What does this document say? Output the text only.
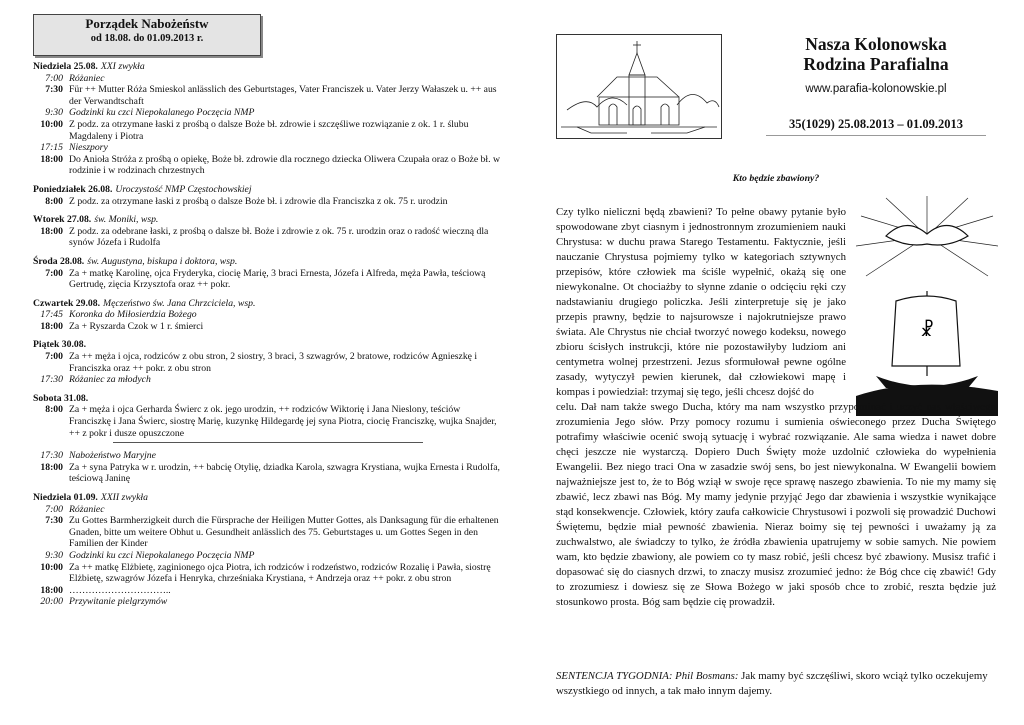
Porządek Nabożeństw
od 18.08. do 01.09.2013 r.
Niedziela 25.08. XXI zwykła
7:00 Różaniec
7:30 Für ++ Mutter Róża Smieskol anlässlich des Geburtstages, Vater Franciszek u. Vater Jerzy Wałaszek u. ++ aus der Verwandtschaft
9:30 Godzinki ku czci Niepokalanego Poczęcia NMP
10:00 Z podz. za otrzymane łaski z prośbą o dalsze Boże bł. zdrowie i szczęśliwe rozwiązanie z ok. 1 r. ślubu Magdaleny i Piotra
17:15 Nieszpory
18:00 Do Anioła Stróża z prośbą o opiekę, Boże bł. zdrowie dla rocznego dziecka Oliwera Czupała oraz o Boże bł. w rodzinie i w rodzinach chrzestnych
Poniedziałek 26.08. Uroczystość NMP Częstochowskiej
8:00 Z podz. za otrzymane łaski z prośbą o dalsze Boże bł. i zdrowie dla Franciszka z ok. 75 r. urodzin
Wtorek 27.08. św. Moniki, wsp.
18:00 Z podz. za odebrane łaski, z prośbą o dalsze bł. Boże i zdrowie z ok. 75 r. urodzin oraz o radość wieczną dla synów Józefa i Rudolfa
Środa 28.08. św. Augustyna, biskupa i doktora, wsp.
7:00 Za + matkę Karolinę, ojca Fryderyka, ciocię Marię, 3 braci Ernesta, Józefa i Alfreda, męża Pawła, teściową Gertrudę, zięcia Krzysztofa oraz ++ pokr.
Czwartek 29.08. Męczeństwo św. Jana Chrzciciela, wsp.
17:45 Koronka do Miłosierdzia Bożego
18:00 Za + Ryszarda Czok w 1 r. śmierci
Piątek 30.08.
7:00 Za ++ męża i ojca, rodziców z obu stron, 2 siostry, 3 braci, 3 szwagrów, 2 bratowe, rodziców Agnieszkę i Franciszka oraz ++ pokr. z obu stron
17:30 Różaniec za młodych
Sobota 31.08.
8:00 Za + męża i ojca Gerharda Świerc z ok. jego urodzin, ++ rodziców Wiktorię i Jana Nieslony, teściów Franciszkę i Jana Świerc, siostrę Marię, kuzynkę Hildegardę jej syna Piotra, ciocię Franciszkę, wujka Snajder, ++ z pokr i dusze opuszczone
17:30 Nabożeństwo Maryjne
18:00 Za + syna Patryka w r. urodzin, ++ babcię Otylię, dziadka Karola, szwagra Krystiana, wujka Ernesta i Rudolfa, teściową Janinę
Niedziela 01.09. XXII zwykła
7:00 Różaniec
7:30 Zu Gottes Barmherzigkeit durch die Fürsprache der Heiligen Mutter Gottes, als Danksagung für die erhaltenen Gnaden, bitte um weitere Obhut u. Gesundheit anlässlich des 75. Geburtstages u. um Gottes Segen in den Familien der Kinder
9:30 Godzinki ku czci Niepokalanego Poczęcia NMP
10:00 Za ++ matkę Elżbietę, zaginionego ojca Piotra, ich rodziców i rodzeństwo, rodziców Rozalię i Pawła, siostrę Elżbietę, szwagrów Józefa i Henryka, chrześniaka Krystiana, + Andrzeja oraz ++ pokr. z obu stron
18:00 …………………………..
20:00 Przywitanie pielgrzymów
Nasza Kolonowska
Rodzina Parafialna
www.parafia-kolonowskie.pl
35(1029) 25.08.2013 – 01.09.2013
Kto będzie zbawiony?
☧
Czy tylko nieliczni będą zbawieni? To pełne obawy pytanie było spowodowane zbyt ciasnym i jednostronnym zrozumieniem nauki Chrystusa: w duchu prawa Starego Testamentu. Faktycznie, jeśli nauczanie Chrystusa pojmiemy tylko w kategoriach sztywnych przepisów, które człowiek ma ściśle wypełnić, okażą się one niewykonalne. Ot chociażby to słynne zdanie o odcięciu ręki czy nadstawianiu drugiego policzka. Jeśli zinterpretuje się je jako przepis prawny, będzie to najsurowsze i najokrutniejsze prawo świata. Ale Chrystus nie chciał tworzyć nowego kodeksu, nowego zbioru ścisłych instrukcji, które nie pozostawiłyby ludziom ani centymetra wolnej przestrzeni. Jezus sformułował pewne ogólne zasady, wytyczył pewien kierunek, dał człowiekowi mapę i kompas i powiedział: trzymaj się tego, jeśli chcesz dojść do
celu. Dał nam także swego Ducha, który ma nam wszystko przypominać i uczyć nas właściwego zrozumienia Jego słów. Przy pomocy rozumu i sumienia oświeconego przez Ducha Świętego potrafimy właściwie ocenić swoją sytuację i wybrać rozwiązanie. Ale sama wiedza i nawet dobre chęci jeszcze nie wystarczą. Dopiero Duch Święty może uzdolnić człowieka do wypełnienia Ewangelii. Bez niego traci Ona w zasadzie swój sens, bo jest niewykonalna. W Ewangelii bowiem najważniejsze jest to, że to Bóg wziął w swoje ręce sprawę naszego zbawienia. To nie my mamy się zbawić, lecz zbawi nas Bóg. My mamy jedynie przyjąć Jego dar zbawienia i wszystkie wynikające stąd konsekwencje. Człowiek, który zaufa całkowicie Chrystusowi i pozwoli się prowadzić Duchowi Świętemu, będzie miał pewność zbawienia. Nieraz boimy się tej pewności i uważamy ją za zuchwalstwo, ale świadczy to tylko, że źródła zbawienia upatrujemy w sobie samych. Nie powiem wam, kto będzie zbawiony, ale powiem co ty masz robić, jeśli chcesz być zbawiony. Musisz trafić i dopasować się do ciasnych drzwi, to znaczy musisz zrozumieć jedno: że Bóg chce cię zbawić! Gdy to zrozumiesz i dowiesz się ze Słowa Bożego w jaki sposób chce to zrobić, reszta będzie już stosunkowo prosta. Bóg sam będzie cię prowadził.
SENTENCJA TYGODNIA: Phil Bosmans: Jak mamy być szczęśliwi, skoro wciąż tylko oczekujemy wszystkiego od innych, a tak mało innym dajemy.
